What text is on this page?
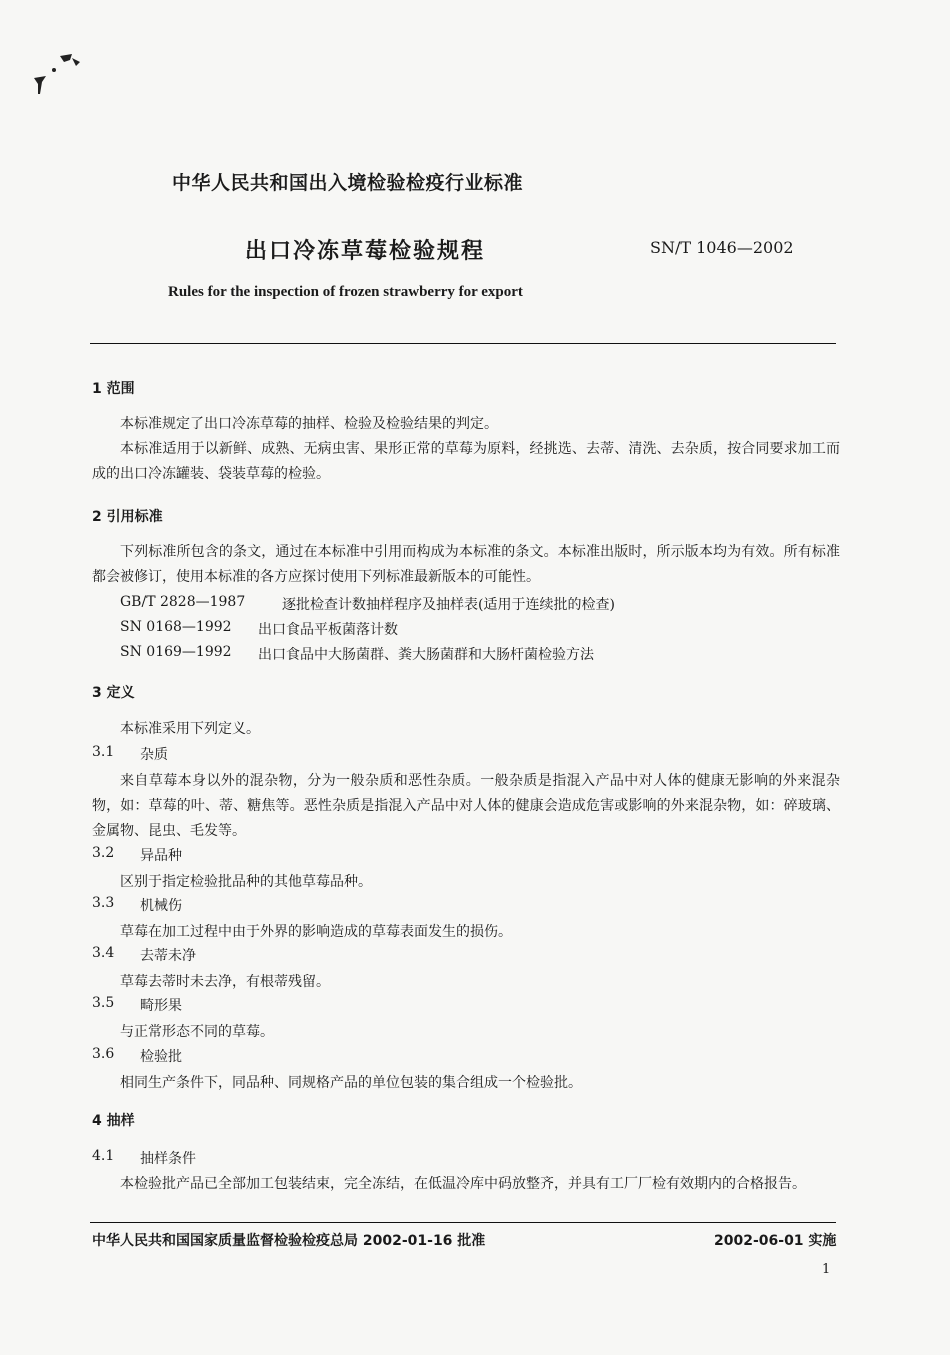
中华人民共和国出入境检验检疫行业标准
出口冷冻草莓检验规程	SN/T 1046—2002
Rules for the inspection of frozen strawberry for export
1 范围
本标准规定了出口冷冻草莓的抽样、检验及检验结果的判定。
本标准适用于以新鲜、成熟、无病虫害、果形正常的草莓为原料，经挑选、去蒂、清洗、去杂质，按合同要求加工而成的出口冷冻罐装、袋装草莓的检验。
2 引用标准
下列标准所包含的条文，通过在本标准中引用而构成为本标准的条文。本标准出版时，所示版本均为有效。所有标准都会被修订，使用本标准的各方应探讨使用下列标准最新版本的可能性。
GB/T 2828—1987	逐批检查计数抽样程序及抽样表(适用于连续批的检查)
SN 0168—1992 出口食品平板菌落计数
SN 0169—1992 出口食品中大肠菌群、粪大肠菌群和大肠杆菌检验方法
3 定义
本标准采用下列定义。
3.1 杂质
来自草莓本身以外的混杂物，分为一般杂质和恶性杂质。一般杂质是指混入产品中对人体的健康无影响的外来混杂物，如：草莓的叶、蒂、糖焦等。恶性杂质是指混入产品中对人体的健康会造成危害或影响的外来混杂物，如：碎玻璃、金属物、昆虫、毛发等。
3.2 异品种
区别于指定检验批品种的其他草莓品种。
3.3 机械伤
草莓在加工过程中由于外界的影响造成的草莓表面发生的损伤。
3.4 去蒂未净
草莓去蒂时未去净，有根蒂残留。
3.5 畸形果
与正常形态不同的草莓。
3.6 检验批
相同生产条件下，同品种、同规格产品的单位包装的集合组成一个检验批。
4 抽样
4.1 抽样条件
本检验批产品已全部加工包装结束，完全冻结，在低温冷库中码放整齐，并具有工厂厂检有效期内的合格报告。
中华人民共和国国家质量监督检验检疫总局 2002-01-16 批准	2002-06-01 实施
1
